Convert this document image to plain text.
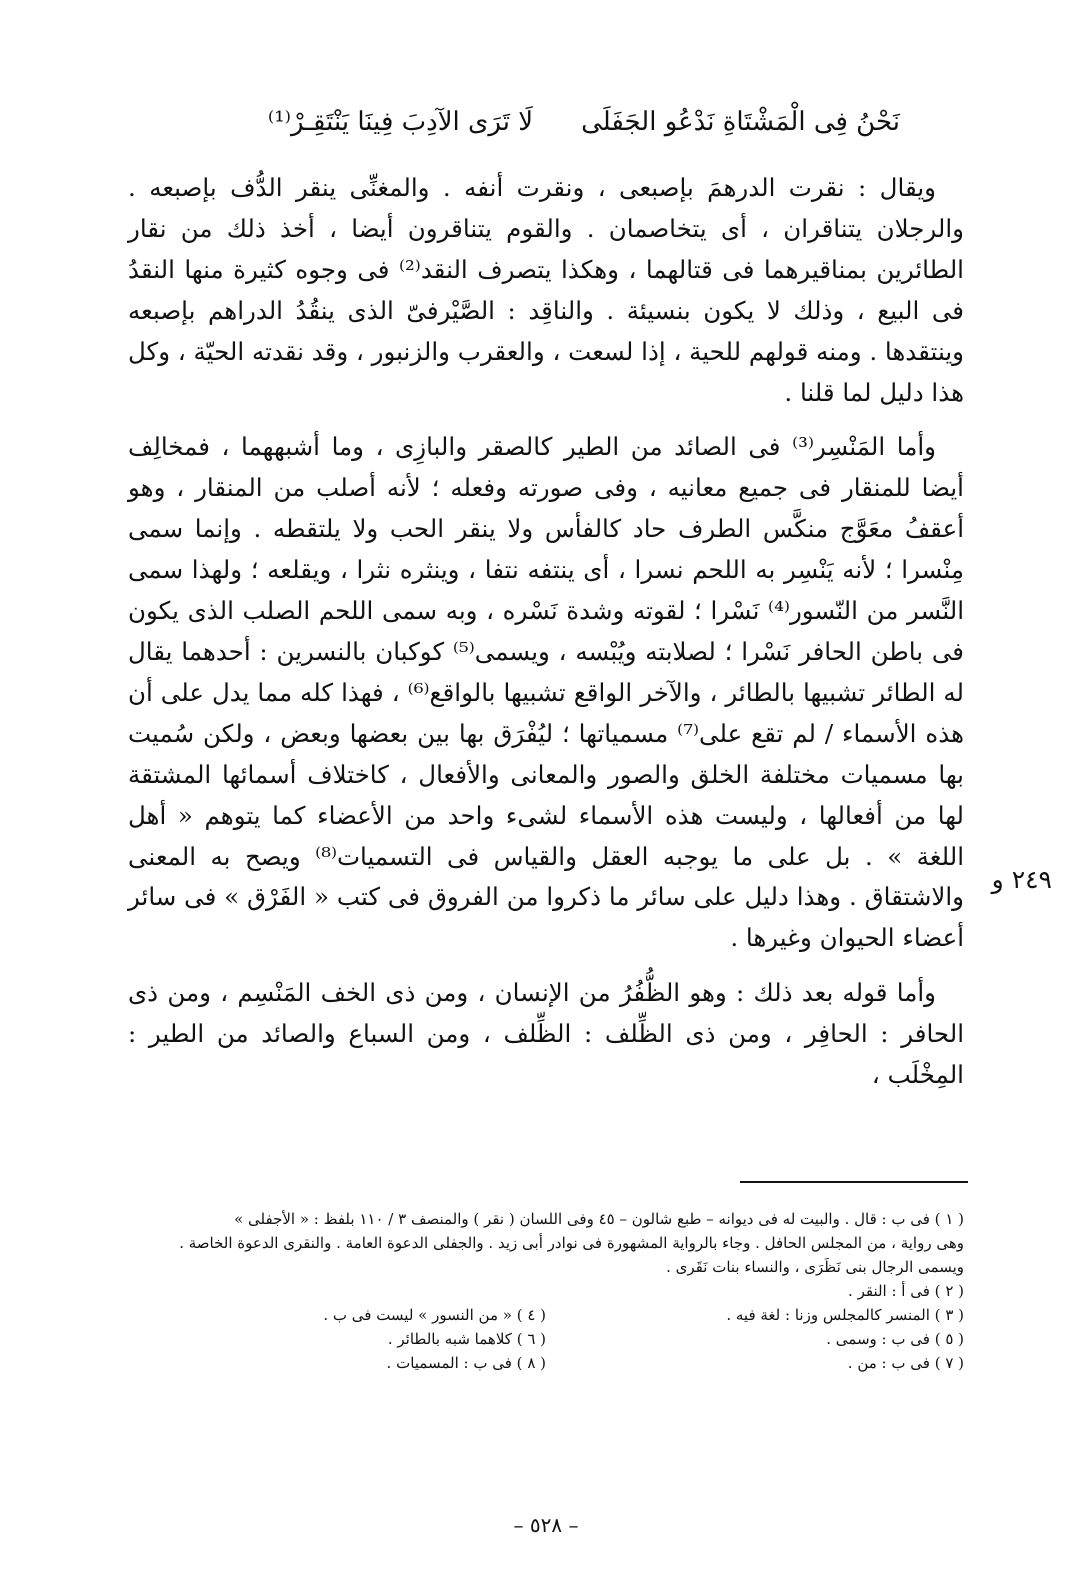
نَحْنُ فِى الْمَشْتَاةِ نَدْعُو الجَفَلَىلَا تَرَى الآدِبَ فِينَا يَنْتَقِـرْ⁽¹⁾

ويقال : نقرت الدرهمَ بإصبعى ، ونقرت أنفه . والمغنِّى ينقر الدُّف بإصبعه . والرجلان يتناقران ، أى يتخاصمان . والقوم يتناقرون أيضا ، أخذ ذلك من نقار الطائرين بمناقيرهما فى قتالهما ، وهكذا يتصرف النقد⁽²⁾ فى وجوه كثيرة منها النقدُ فى البيع ، وذلك لا يكون بنسيئة . والناقِد : الصَّيْرفىّ الذى ينقُدُ الدراهم بإصبعه وينتقدها . ومنه قولهم للحية ، إذا لسعت ، والعقرب والزنبور ، وقد نقدته الحيّة ، وكل هذا دليل لما قلنا .

وأما المَنْسِر⁽³⁾ فى الصائد من الطير كالصقر والبازِى ، وما أشبههما ، فمخالِف أيضا للمنقار فى جميع معانيه ، وفى صورته وفعله ؛ لأنه أصلب من المنقار ، وهو أعقفُ معَوَّج منكَّس الطرف حاد كالفأس ولا ينقر الحب ولا يلتقطه . وإنما سمى مِنْسرا ؛ لأنه يَنْسِر به اللحم نسرا ، أى ينتفه نتفا ، وينثره نثرا ، ويقلعه ؛ ولهذا سمى النَّسر من النّسور⁽⁴⁾ نَسْرا ؛ لقوته وشدة نَسْره ، وبه سمى اللحم الصلب الذى يكون فى باطن الحافر نَسْرا ؛ لصلابته ويُبْسه ، ويسمى⁽⁵⁾ كوكبان بالنسرين : أحدهما يقال له الطائر تشبيها بالطائر ، والآخر الواقع تشبيها بالواقع⁽⁶⁾ ، فهذا كله مما يدل على أن هذه الأسماء / لم تقع على⁽⁷⁾ مسمياتها ؛ ليُفْرَق بها بين بعضها وبعض ، ولكن سُميت بها مسميات مختلفة الخلق والصور والمعانى والأفعال ، كاختلاف أسمائها المشتقة لها من أفعالها ، وليست هذه الأسماء لشىء واحد من الأعضاء كما يتوهم « أهل اللغة » . بل على ما يوجبه العقل والقياس فى التسميات⁽⁸⁾ ويصح به المعنى والاشتقاق . وهذا دليل على سائر ما ذكروا من الفروق فى كتب « الفَرْق » فى سائر أعضاء الحيوان وغيرها .

وأما قوله بعد ذلك : وهو الظُّفُرُ من الإنسان ، ومن ذى الخف المَنْسِم ، ومن ذى الحافر : الحافِر ، ومن ذى الظِّلف : الظِّلف ، ومن السباع والصائد من الطير : المِخْلَب ،

٢٤٩ و

( ١ ) فى ب : قال . والبيت له فى ديوانه – طبع شالون – ٤٥ وفى اللسان ( نقر ) والمنصف ٣ / ١١٠ بلفظ : « الأجفلى »

وهى رواية ، من المجلس الحافل . وجاء بالرواية المشهورة فى نوادر أبى زيد . والجفلى الدعوة العامة . والنقرى الدعوة الخاصة .

ويسمى الرجال بنى نَظَرَى ، والنساء بنات نَقَرى .

( ٢ ) فى أ : النقر .

( ٣ ) المنسر كالمجلس وزنا : لغة فيه .

( ٤ ) « من النسور » ليست فى ب .

( ٥ ) فى ب : وسمى .

( ٦ ) كلاهما شبه بالطائر .

( ٧ ) فى ب : من .

( ٨ ) فى ب : المسميات .

– ٥٢٨ –
